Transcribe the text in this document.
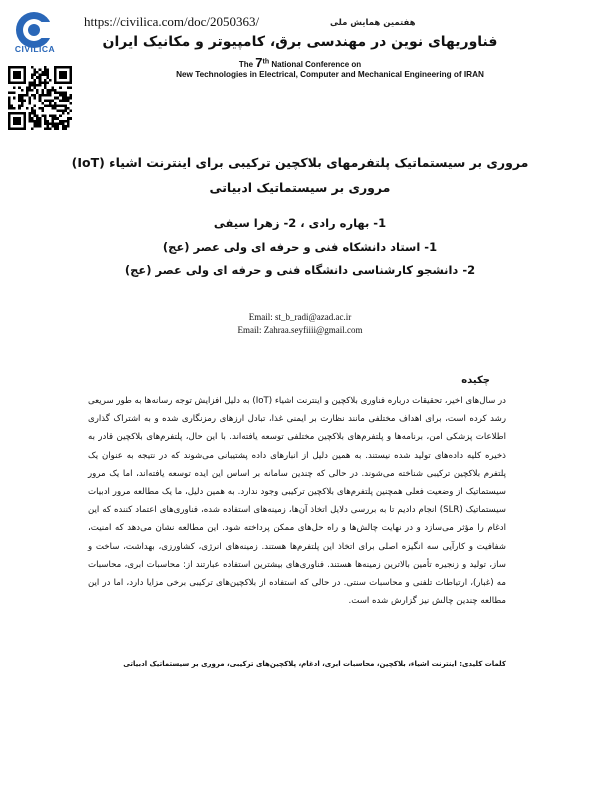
CIVILICA
https://civilica.com/doc/2050363/	هفتمین همایش ملی
فناوریهای نوین در مهندسی برق، کامپیوتر و مکانیک ایران
The 7th National Conference on
New Technologies in Electrical, Computer and Mechanical Engineering of IRAN
مروری بر سیستماتیک پلتفرمهای بلاکچین ترکیبی برای اینترنت اشیاء (IoT)
مروری بر سیستماتیک ادبیاتی
1- بهاره رادی ، 2- زهرا سیفی
1- استاد دانشکاه فنی و حرفه ای ولی عصر (عج)
2- دانشجو کارشناسی دانشگاه فنی و حرفه ای ولی عصر (عج)
Email: st_b_radi@azad.ac.ir
Email: Zahraa.seyfiiii@gmail.com
چکیده
در سال‌های اخیر، تحقیقات درباره فناوری بلاکچین و اینترنت اشیاء (IoT) به دلیل افزایش توجه رسانه‌ها به طور سریعی رشد کرده است، برای اهداف مختلفی مانند نظارت بر ایمنی غذا، تبادل ارزهای رمزنگاری شده و به اشتراک گذاری اطلاعات پزشکی امن، برنامه‌ها و پلتفرم‌های بلاکچین مختلفی توسعه یافته‌اند. با این حال، پلتفرم‌های بلاکچین قادر به ذخیره کلیه داده‌های تولید شده نیستند. به همین دلیل از انبارهای داده پشتیبانی می‌شوند که در نتیجه به عنوان یک پلتفرم بلاکچین ترکیبی شناخته می‌شوند. در حالی که چندین سامانه بر اساس این ایده توسعه یافته‌اند، اما یک مرور سیستماتیک از وضعیت فعلی همچنین پلتفرم‌های بلاکچین ترکیبی وجود ندارد. به همین دلیل، ما یک مطالعه مرور ادبیات سیستماتیک (SLR) انجام دادیم تا به بررسی دلایل اتخاذ آن‌ها، زمینه‌های استفاده شده، فناوری‌های اعتماد کننده که این ادغام را مؤثر می‌سازد و در نهایت چالش‌ها و راه حل‌های ممکن پرداخته شود. این مطالعه نشان می‌دهد که امنیت، شفافیت و کارآیی سه انگیزه اصلی برای اتخاذ این پلتفرم‌ها هستند. زمینه‌های انرژی، کشاورزی، بهداشت، ساخت و ساز، تولید و زنجیره تأمین بالاترین زمینه‌ها هستند. فناوری‌های بیشترین استفاده عبارتند از: محاسبات ابری، محاسبات مه (غبار)، ارتباطات تلفنی و محاسبات سنتی. در حالی که استفاده از بلاکچین‌های ترکیبی برخی مزایا دارد، اما در این مطالعه چندین چالش نیز گزارش شده است.
کلمات کلیدی: اینترنت اشیاء، بلاکچین، محاسبات ابری، ادغام، پلاکچین‌های ترکیبی، مروری بر سیستماتیک ادبیاتی
